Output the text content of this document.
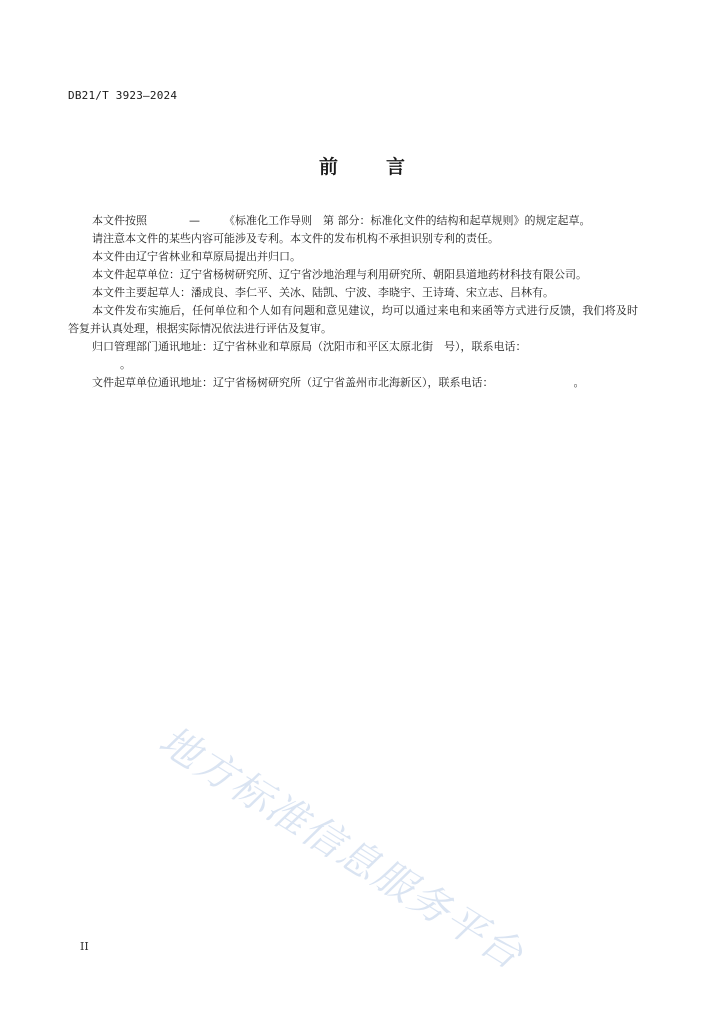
DB21/T 3923—2024
前	言

本文件按照	— 《标准化工作导则　第 部分：标准化文件的结构和起草规则》的规定起草。

请注意本文件的某些内容可能涉及专利。本文件的发布机构不承担识别专利的责任。

本文件由辽宁省林业和草原局提出并归口。

本文件起草单位：辽宁省杨树研究所、辽宁省沙地治理与利用研究所、朝阳县道地药材科技有限公司。

本文件主要起草人：潘成良、李仁平、关冰、陆凯、宁波、李晓宇、王诗琦、宋立志、吕林有。

本文件发布实施后，任何单位和个人如有问题和意见建议，均可以通过来电和来函等方式进行反馈，我们将及时答复并认真处理，根据实际情况依法进行评估及复审。

归口管理部门通讯地址：辽宁省林业和草原局（沈阳市和平区太原北街　号），联系电话：
。

文件起草单位通讯地址：辽宁省杨树研究所（辽宁省盖州市北海新区），联系电话：	。

地方标准信息服务平台
II
